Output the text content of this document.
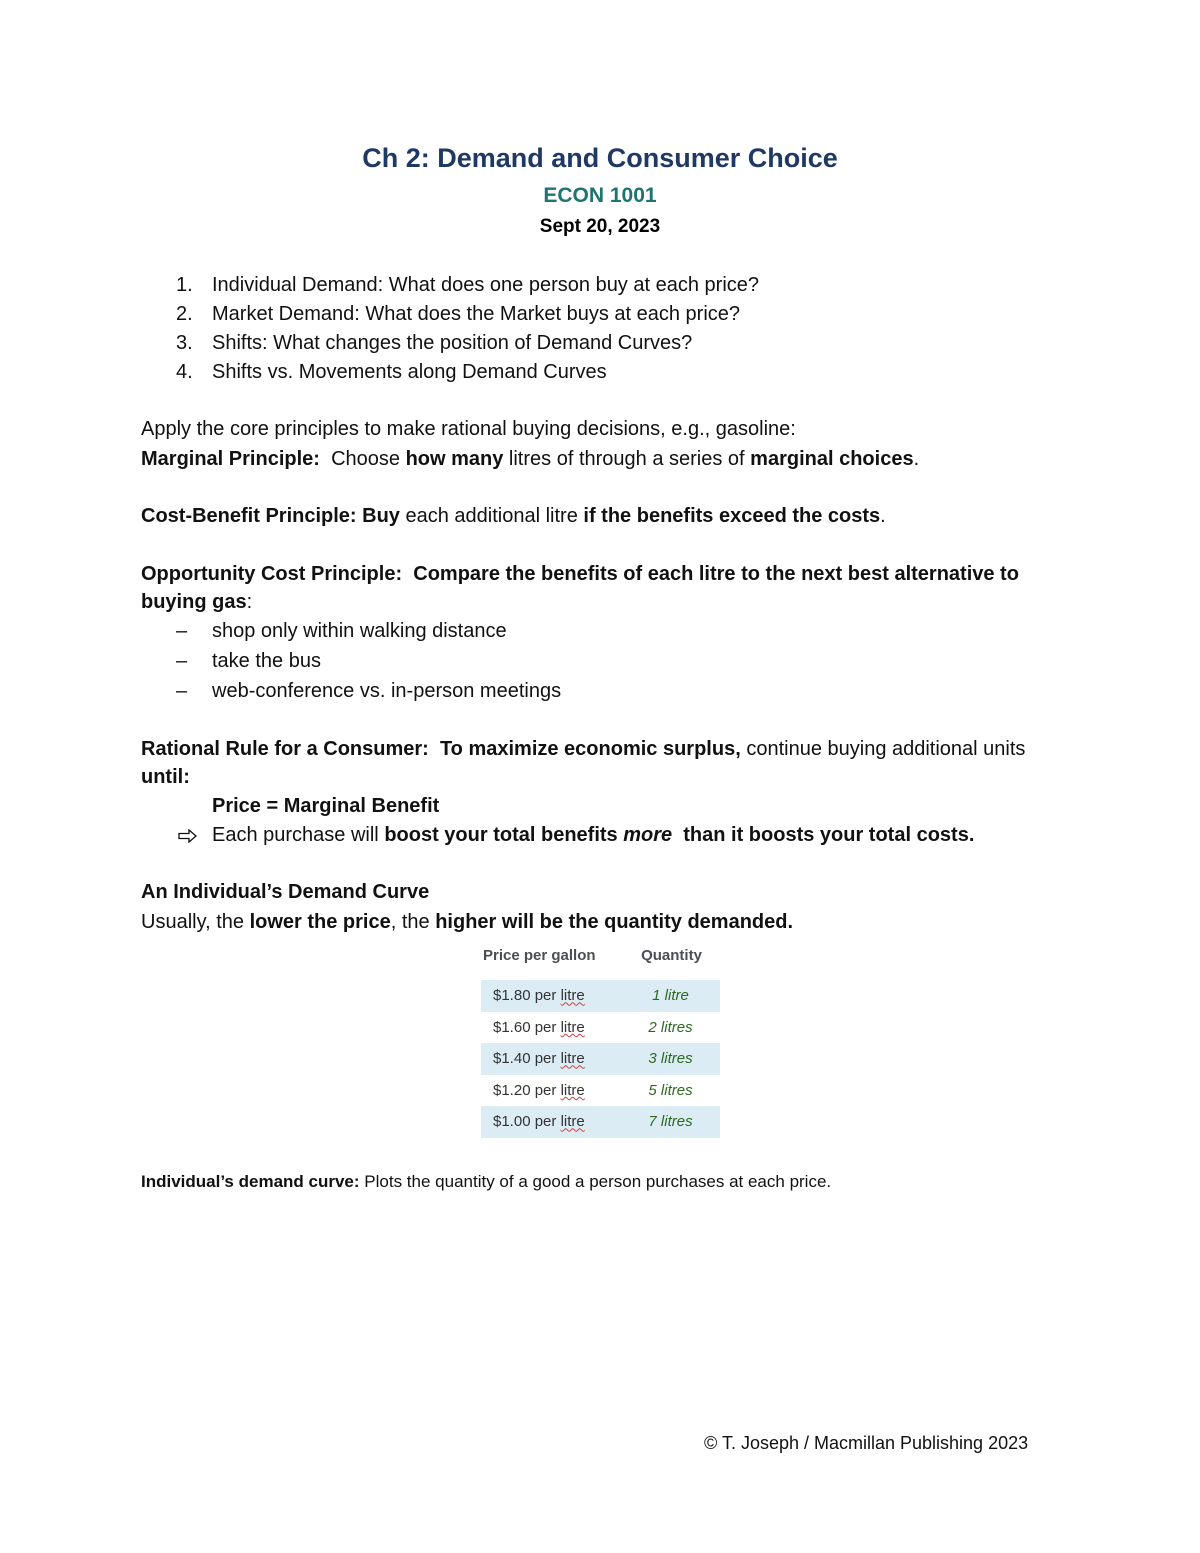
Ch 2: Demand and Consumer Choice
ECON 1001
Sept 20, 2023
1. Individual Demand: What does one person buy at each price?
2. Market Demand: What does the Market buys at each price?
3. Shifts: What changes the position of Demand Curves?
4. Shifts vs. Movements along Demand Curves
Apply the core principles to make rational buying decisions, e.g., gasoline:
Marginal Principle: Choose how many litres of through a series of marginal choices.
Cost-Benefit Principle: Buy each additional litre if the benefits exceed the costs.
Opportunity Cost Principle: Compare the benefits of each litre to the next best alternative to
buying gas:
– shop only within walking distance
– take the bus
– web-conference vs. in-person meetings
Rational Rule for a Consumer: To maximize economic surplus, continue buying additional units
until:
Price = Marginal Benefit
Each purchase will boost your total benefits more than it boosts your total costs.
An Individual’s Demand Curve
Usually, the lower the price, the higher will be the quantity demanded.
Price per gallon	Quantity
$1.80 per litre	1 litre
$1.60 per litre	2 litres
$1.40 per litre	3 litres
$1.20 per litre	5 litres
$1.00 per litre	7 litres
Individual’s demand curve: Plots the quantity of a good a person purchases at each price.
© T. Joseph / Macmillan Publishing 2023
